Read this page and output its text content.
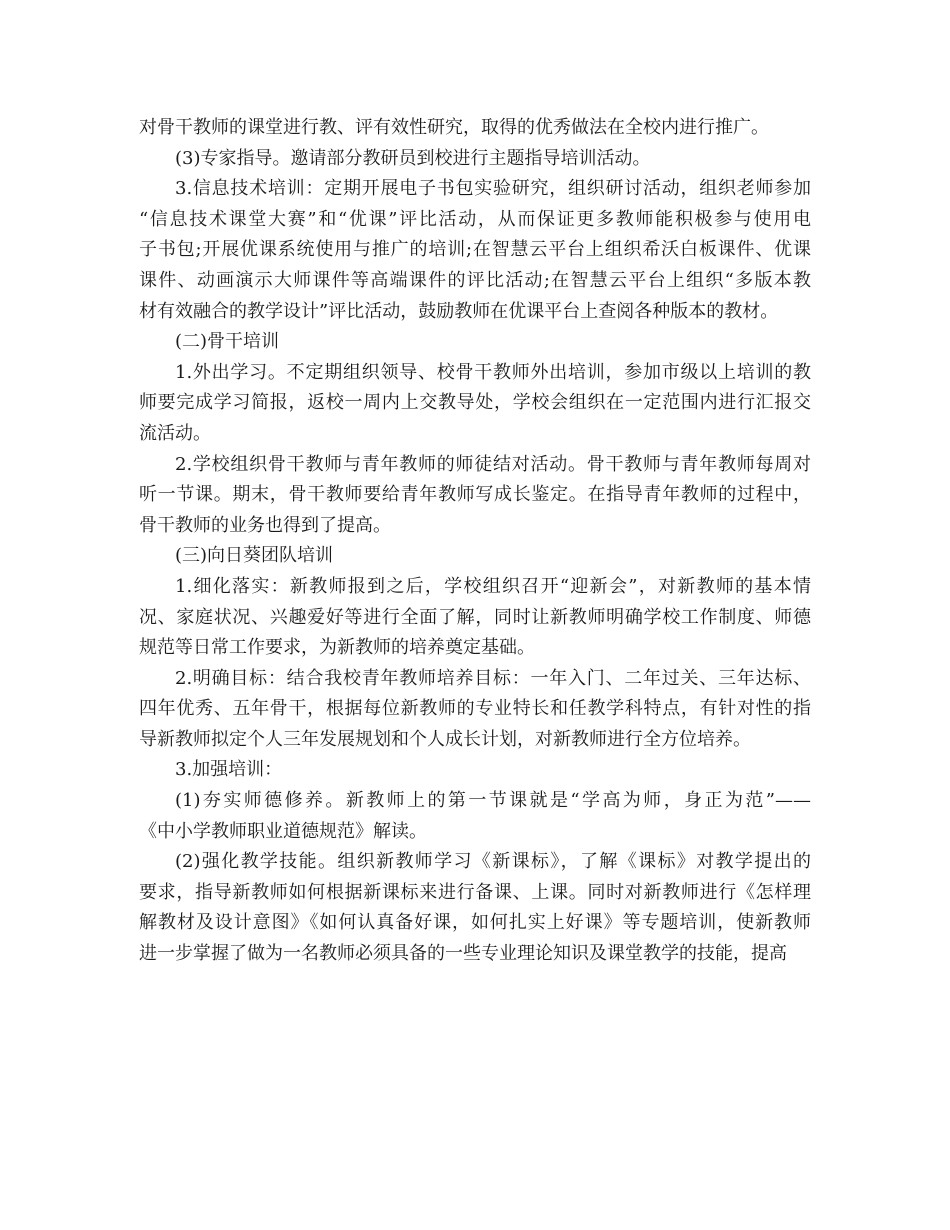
对骨干教师的课堂进行教、评有效性研究，取得的优秀做法在全校内进行推广。
(3)专家指导。邀请部分教研员到校进行主题指导培训活动。
3.信息技术培训：定期开展电子书包实验研究，组织研讨活动，组织老师参加
“信息技术课堂大赛”和“优课”评比活动，从而保证更多教师能积极参与使用电
子书包;开展优课系统使用与推广的培训;在智慧云平台上组织希沃白板课件、优课
课件、动画演示大师课件等高端课件的评比活动;在智慧云平台上组织“多版本教
材有效融合的教学设计”评比活动，鼓励教师在优课平台上查阅各种版本的教材。
(二)骨干培训
1.外出学习。不定期组织领导、校骨干教师外出培训，参加市级以上培训的教
师要完成学习简报，返校一周内上交教导处，学校会组织在一定范围内进行汇报交
流活动。
2.学校组织骨干教师与青年教师的师徒结对活动。骨干教师与青年教师每周对
听一节课。期末，骨干教师要给青年教师写成长鉴定。在指导青年教师的过程中，
骨干教师的业务也得到了提高。
(三)向日葵团队培训
1.细化落实：新教师报到之后，学校组织召开“迎新会”，对新教师的基本情
况、家庭状况、兴趣爱好等进行全面了解，同时让新教师明确学校工作制度、师德
规范等日常工作要求，为新教师的培养奠定基础。
2.明确目标：结合我校青年教师培养目标：一年入门、二年过关、三年达标、
四年优秀、五年骨干，根据每位新教师的专业特长和任教学科特点，有针对性的指
导新教师拟定个人三年发展规划和个人成长计划，对新教师进行全方位培养。
3.加强培训：
(1)夯实师德修养。新教师上的第一节课就是“学高为师，身正为范”——
《中小学教师职业道德规范》解读。
(2)强化教学技能。组织新教师学习《新课标》，了解《课标》对教学提出的
要求，指导新教师如何根据新课标来进行备课、上课。同时对新教师进行《怎样理
解教材及设计意图》《如何认真备好课，如何扎实上好课》等专题培训，使新教师
进一步掌握了做为一名教师必须具备的一些专业理论知识及课堂教学的技能，提高
